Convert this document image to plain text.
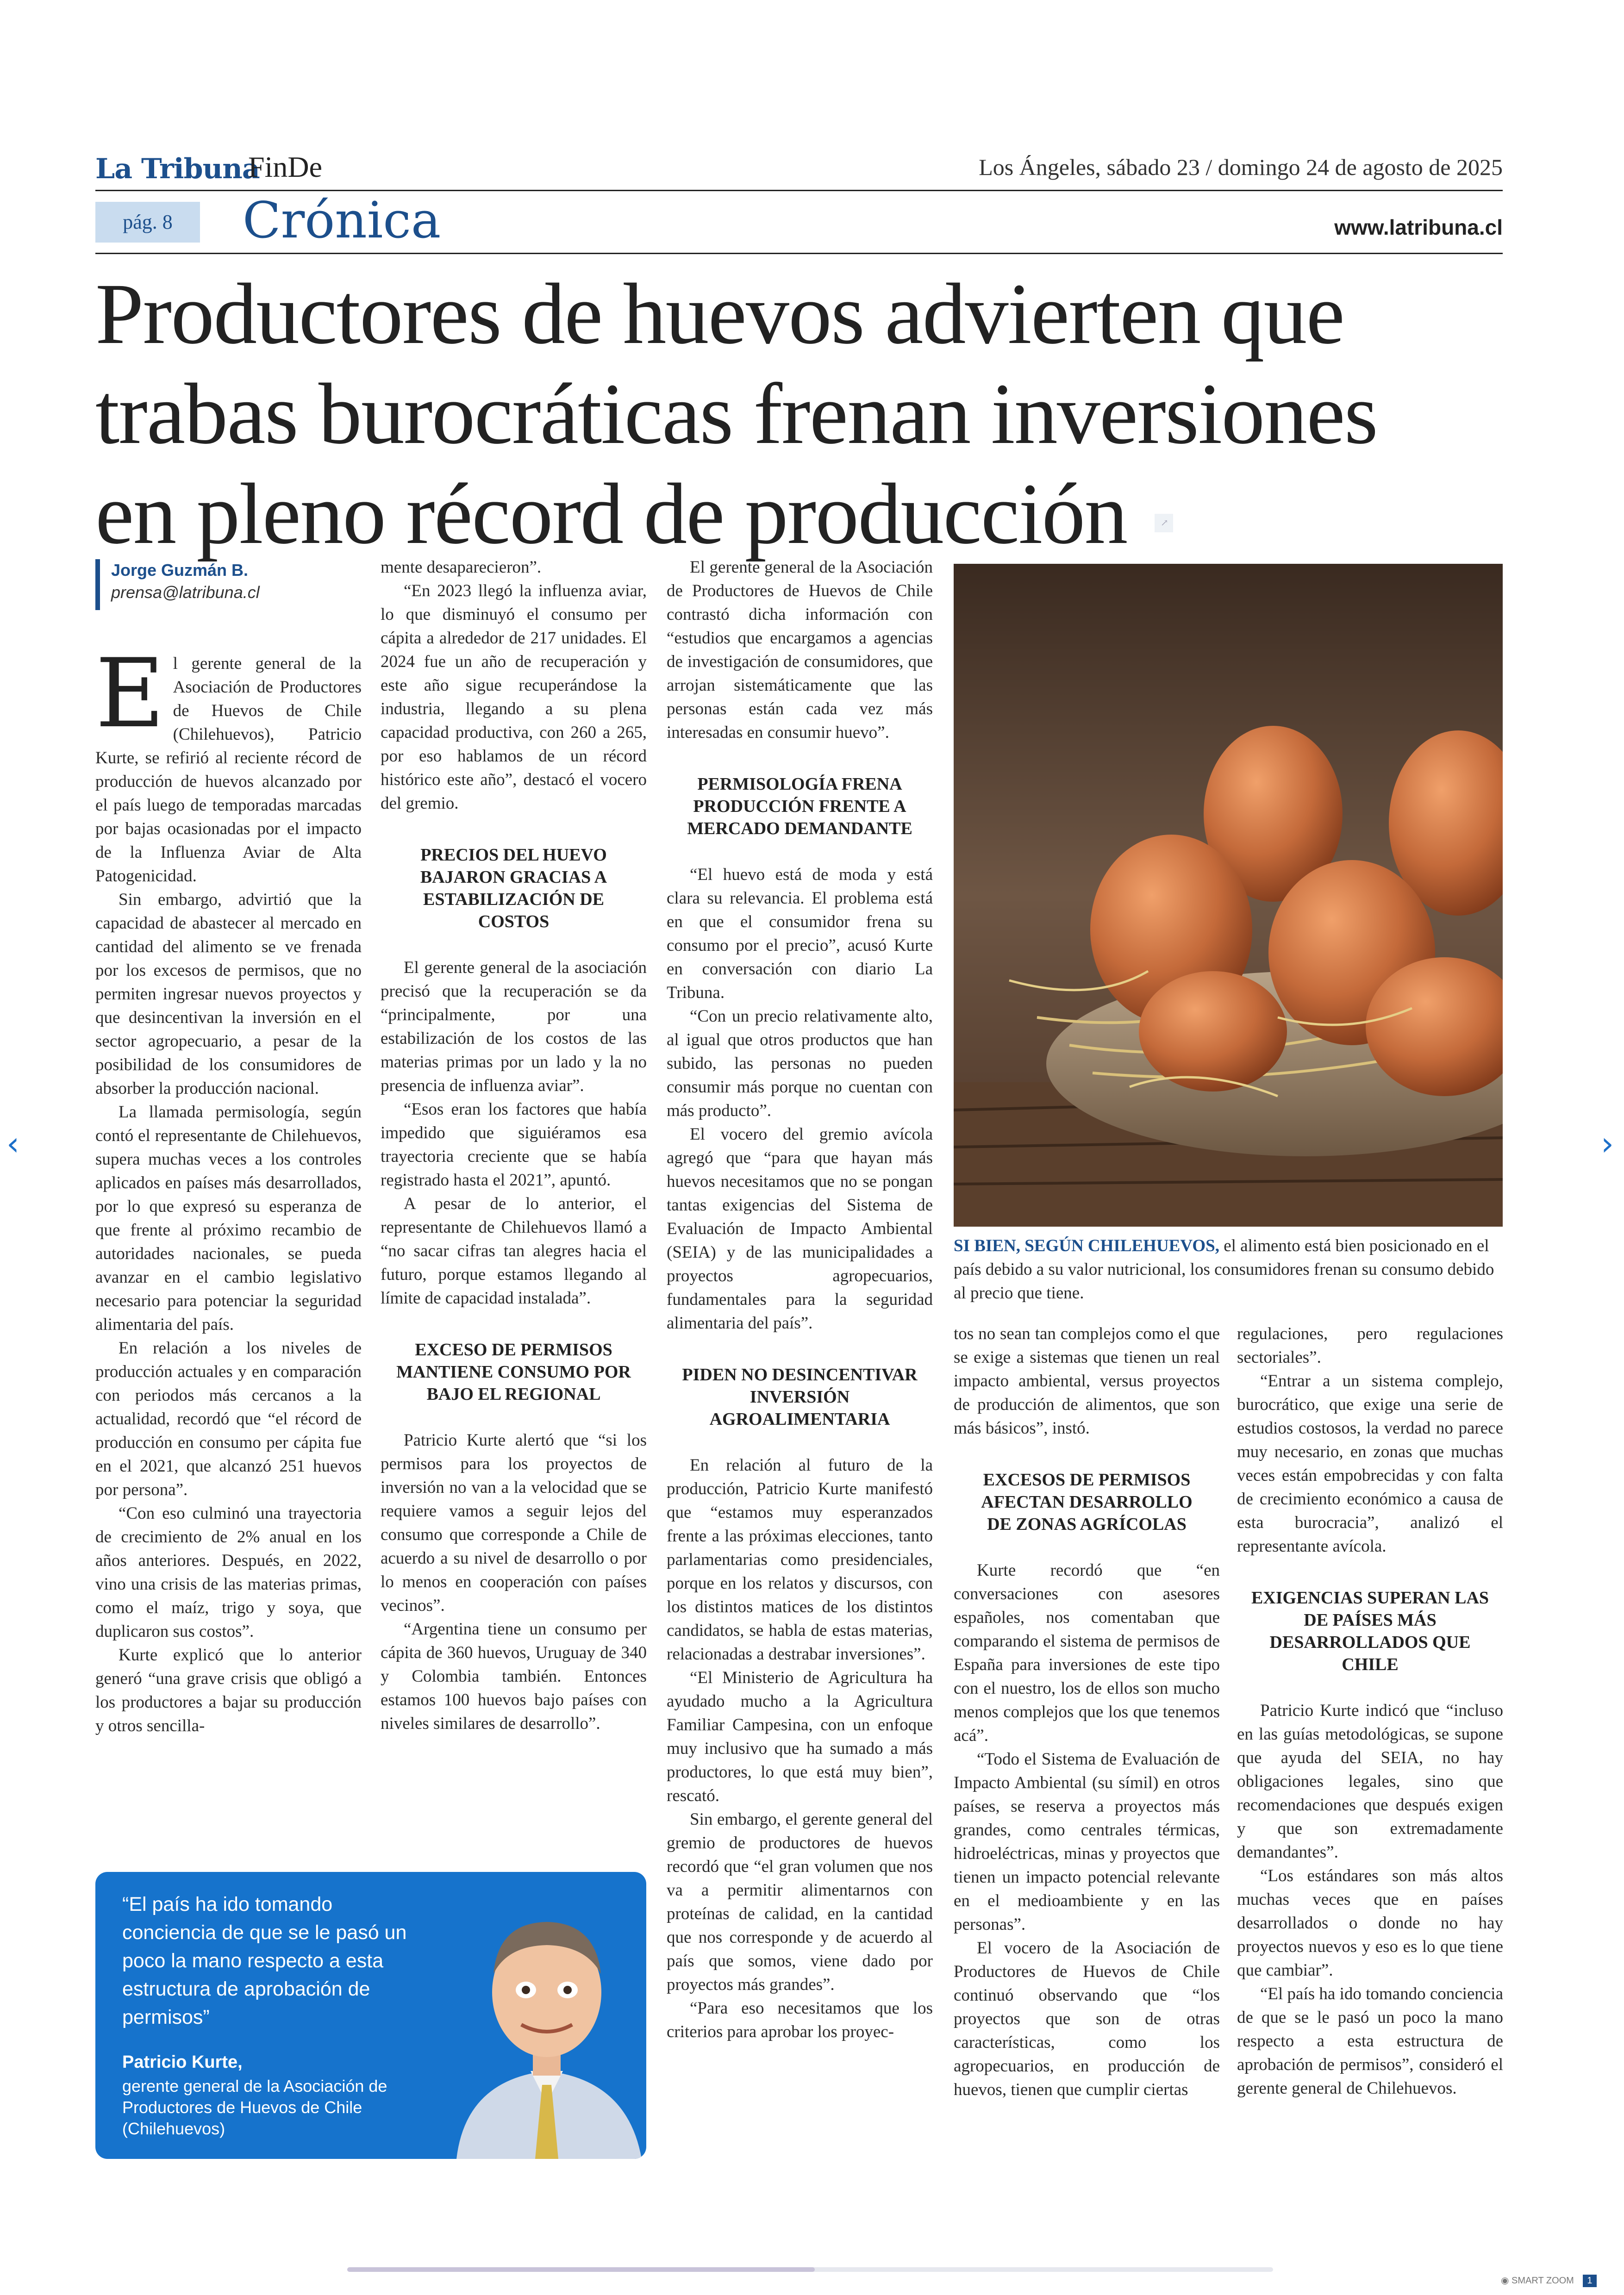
La Tribuna
FinDe	Los Ángeles, sábado 23 / domingo 24 de agosto de 2025
pág. 8	Crónica	www.latribuna.cl
Productores de huevos advierten que
trabas burocráticas frenan inversiones
en pleno récord de producción	↗
Jorge Guzmán B.
prensa@latribuna.cl

El gerente general de la Asociación de Productores de Huevos de Chile (Chilehuevos), Patricio Kurte, se refirió al reciente récord de producción de huevos alcanzado por el país luego de temporadas marcadas por bajas ocasionadas por el impacto de la Influenza Aviar de Alta Patogenicidad.

Sin embargo, advirtió que la capacidad de abastecer al mercado en cantidad del alimento se ve frenada por los excesos de permisos, que no permiten ingresar nuevos proyectos y que desincentivan la inversión en el sector agropecuario, a pesar de la posibilidad de los consumidores de absorber la producción nacional.

La llamada permisología, según contó el representante de Chilehuevos, supera muchas veces a los controles aplicados en países más desarrollados, por lo que expresó su esperanza de que frente al próximo recambio de autoridades nacionales, se pueda avanzar en el cambio legislativo necesario para potenciar la seguridad alimentaria del país.

En relación a los niveles de producción actuales y en comparación con periodos más cercanos a la actualidad, recordó que “el récord de producción en consumo per cápita fue en el 2021, que alcanzó 251 huevos por persona”.

“Con eso culminó una trayectoria de crecimiento de 2% anual en los años anteriores. Después, en 2022, vino una crisis de las materias primas, como el maíz, trigo y soya, que duplicaron sus costos”.

Kurte explicó que lo anterior generó “una grave crisis que obligó a los productores a bajar su producción y otros sencilla-

mente desaparecieron”.

“En 2023 llegó la influenza aviar, lo que disminuyó el consumo per cápita a alrededor de 217 unidades. El 2024 fue un año de recuperación y este año sigue recuperándose la industria, llegando a su plena capacidad productiva, con 260 a 265, por eso hablamos de un récord histórico este año”, destacó el vocero del gremio.

PRECIOS DEL HUEVO BAJARON GRACIAS A ESTABILIZACIÓN DE COSTOS

El gerente general de la asociación precisó que la recuperación se da “principalmente, por una estabilización de los costos de las materias primas por un lado y la no presencia de influenza aviar”.

“Esos eran los factores que había impedido que siguiéramos esa trayectoria creciente que se había registrado hasta el 2021”, apuntó.

A pesar de lo anterior, el representante de Chilehuevos llamó a “no sacar cifras tan alegres hacia el futuro, porque estamos llegando al límite de capacidad instalada”.

EXCESO DE PERMISOS MANTIENE CONSUMO POR BAJO EL REGIONAL

Patricio Kurte alertó que “si los permisos para los proyectos de inversión no van a la velocidad que se requiere vamos a seguir lejos del consumo que corresponde a Chile de acuerdo a su nivel de desarrollo o por lo menos en cooperación con países vecinos”.

“Argentina tiene un consumo per cápita de 360 huevos, Uruguay de 340 y Colombia también. Entonces estamos 100 huevos bajo países con niveles similares de desarrollo”.

El gerente general de la Asociación de Productores de Huevos de Chile contrastó dicha información con “estudios que encargamos a agencias de investigación de consumidores, que arrojan sistemáticamente que las personas están cada vez más interesadas en consumir huevo”.

PERMISOLOGÍA FRENA PRODUCCIÓN FRENTE A MERCADO DEMANDANTE

“El huevo está de moda y está clara su relevancia. El problema está en que el consumidor frena su consumo por el precio”, acusó Kurte en conversación con diario La Tribuna.

“Con un precio relativamente alto, al igual que otros productos que han subido, las personas no pueden consumir más porque no cuentan con más producto”.

El vocero del gremio avícola agregó que “para que hayan más huevos necesitamos que no se pongan tantas exigencias del Sistema de Evaluación de Impacto Ambiental (SEIA) y de las municipalidades a proyectos agropecuarios, fundamentales para la seguridad alimentaria del país”.

PIDEN NO DESINCENTIVAR INVERSIÓN AGROALIMENTARIA

En relación al futuro de la producción, Patricio Kurte manifestó que “estamos muy esperanzados frente a las próximas elecciones, tanto parlamentarias como presidenciales, porque en los relatos y discursos, con los distintos matices de los distintos candidatos, se habla de estas materias, relacionadas a destrabar inversiones”.

“El Ministerio de Agricultura ha ayudado mucho a la Agricultura Familiar Campesina, con un enfoque muy inclusivo que ha sumado a más productores, lo que está muy bien”, rescató.

Sin embargo, el gerente general del gremio de productores de huevos recordó que “el gran volumen que nos va a permitir alimentarnos con proteínas de calidad, en la cantidad que nos corresponde y de acuerdo al país que somos, viene dado por proyectos más grandes”.

“Para eso necesitamos que los criterios para aprobar los proyec-

SI BIEN, SEGÚN CHILEHUEVOS, el alimento está bien posicionado en el país debido a su valor nutricional, los consumidores frenan su consumo debido al precio que tiene.

tos no sean tan complejos como el que se exige a sistemas que tienen un real impacto ambiental, versus proyectos de producción de alimentos, que son más básicos”, instó.

EXCESOS DE PERMISOS AFECTAN DESARROLLO DE ZONAS AGRÍCOLAS

Kurte recordó que “en conversaciones con asesores españoles, nos comentaban que comparando el sistema de permisos de España para inversiones de este tipo con el nuestro, los de ellos son mucho menos complejos que los que tenemos acá”.

“Todo el Sistema de Evaluación de Impacto Ambiental (su símil) en otros países, se reserva a proyectos más grandes, como centrales térmicas, hidroeléctricas, minas y proyectos que tienen un impacto potencial relevante en el medioambiente y en las personas”.

El vocero de la Asociación de Productores de Huevos de Chile continuó observando que “los proyectos que son de otras características, como los agropecuarios, en producción de huevos, tienen que cumplir ciertas

regulaciones, pero regulaciones sectoriales”.

“Entrar a un sistema complejo, burocrático, que exige una serie de estudios costosos, la verdad no parece muy necesario, en zonas que muchas veces están empobrecidas y con falta de crecimiento económico a causa de esta burocracia”, analizó el representante avícola.

EXIGENCIAS SUPERAN LAS DE PAÍSES MÁS DESARROLLADOS QUE CHILE

Patricio Kurte indicó que “incluso en las guías metodológicas, se supone que ayuda del SEIA, no hay obligaciones legales, sino que recomendaciones que después exigen y que son extremadamente demandantes”.

“Los estándares son más altos muchas veces que en países desarrollados o donde no hay proyectos nuevos y eso es lo que tiene que cambiar”.

“El país ha ido tomando conciencia de que se le pasó un poco la mano respecto a esta estructura de aprobación de permisos”, consideró el gerente general de Chilehuevos.

“El país ha ido tomando conciencia de que se le pasó un poco la mano respecto a esta estructura de aprobación de permisos”
Patricio Kurte,
gerente general de la Asociación de Productores de Huevos de Chile (Chilehuevos)
‹	›
◉ SMART ZOOM 1
